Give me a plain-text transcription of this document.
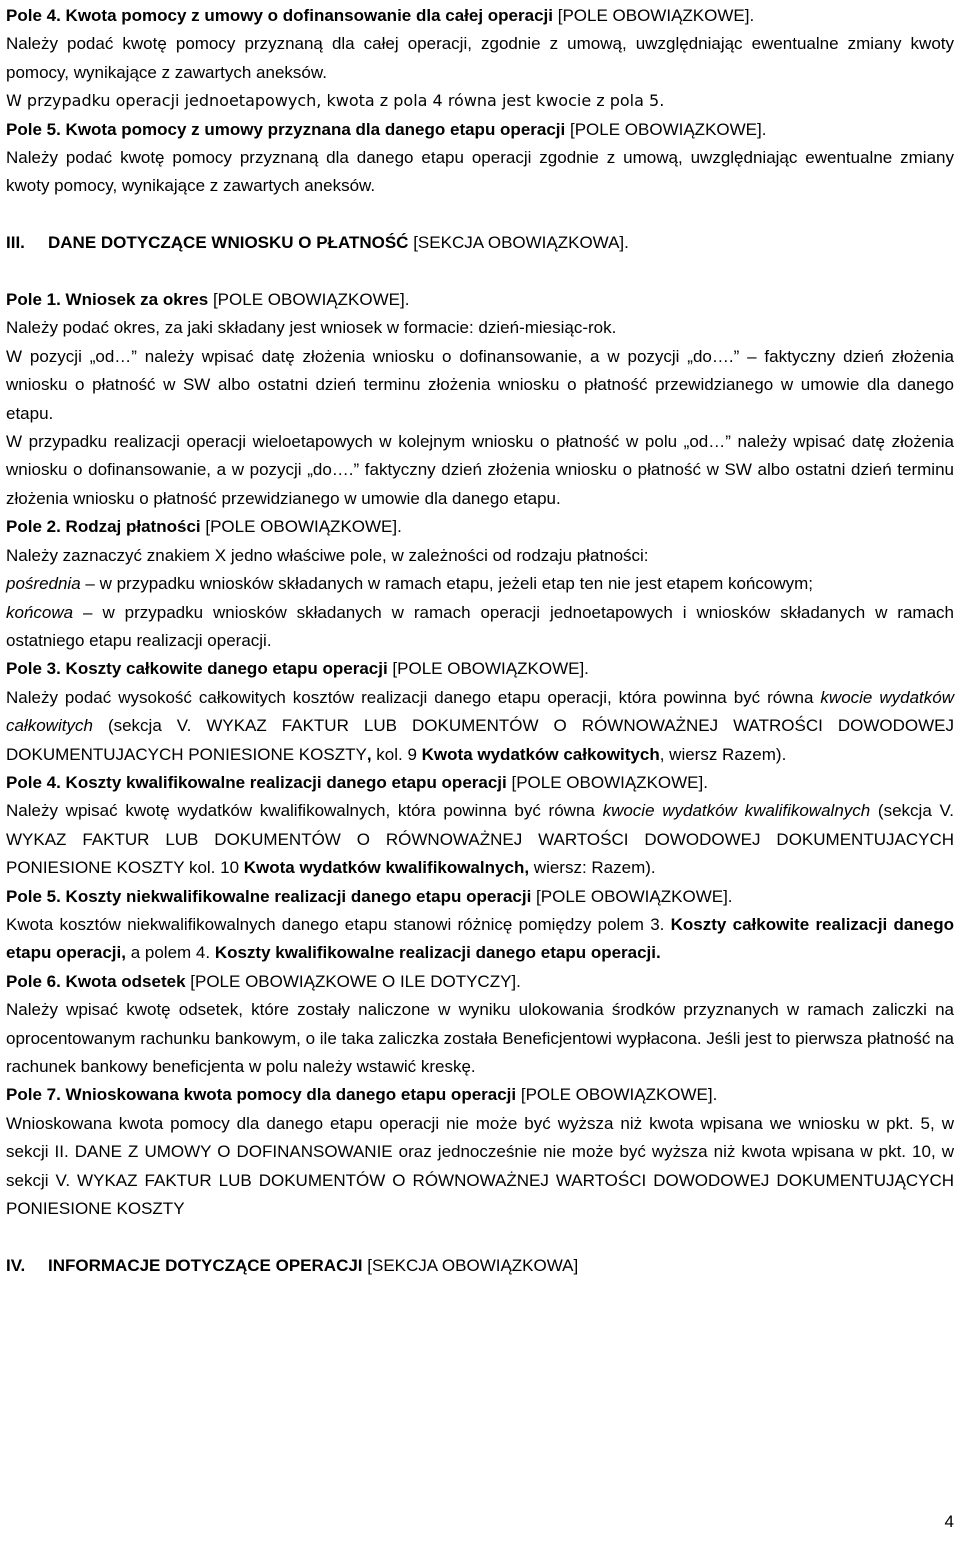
Pole 4. Kwota pomocy z umowy o dofinansowanie dla całej operacji [POLE OBOWIĄZKOWE].

Należy podać kwotę pomocy przyznaną dla całej operacji, zgodnie z umową, uwzględniając ewentualne zmiany kwoty pomocy, wynikające z zawartych aneksów.

W przypadku operacji jednoetapowych, kwota z pola 4 równa jest kwocie z pola 5.

Pole 5. Kwota pomocy z umowy przyznana dla danego etapu operacji [POLE OBOWIĄZKOWE].

Należy podać kwotę pomocy przyznaną dla danego etapu operacji zgodnie z umową, uwzględniając ewentualne zmiany kwoty pomocy, wynikające z zawartych aneksów.

III. DANE DOTYCZĄCE WNIOSKU O PŁATNOŚĆ [SEKCJA OBOWIĄZKOWA].

Pole 1. Wniosek za okres [POLE OBOWIĄZKOWE].

Należy podać okres, za jaki składany jest wniosek w formacie: dzień-miesiąc-rok.

W pozycji „od…” należy wpisać datę złożenia wniosku o dofinansowanie, a w pozycji „do….” – faktyczny dzień złożenia wniosku o płatność w SW albo ostatni dzień terminu złożenia wniosku o płatność przewidzianego w umowie dla danego etapu.

W przypadku realizacji operacji wieloetapowych w kolejnym wniosku o płatność w polu „od…” należy wpisać datę złożenia wniosku o dofinansowanie, a w pozycji „do….” faktyczny dzień złożenia wniosku o płatność w SW albo ostatni dzień terminu złożenia wniosku o płatność przewidzianego w umowie dla danego etapu.

Pole 2. Rodzaj płatności [POLE OBOWIĄZKOWE].

Należy zaznaczyć znakiem X jedno właściwe pole, w zależności od rodzaju płatności:

pośrednia – w przypadku wniosków składanych w ramach etapu, jeżeli etap ten nie jest etapem końcowym;

końcowa – w przypadku wniosków składanych w ramach operacji jednoetapowych i wniosków składanych w ramach ostatniego etapu realizacji operacji.

Pole 3. Koszty całkowite danego etapu operacji [POLE OBOWIĄZKOWE].

Należy podać wysokość całkowitych kosztów realizacji danego etapu operacji, która powinna być równa kwocie wydatków całkowitych (sekcja V. WYKAZ FAKTUR LUB DOKUMENTÓW O RÓWNOWAŻNEJ WATROŚCI DOWODOWEJ DOKUMENTUJACYCH PONIESIONE KOSZTY, kol. 9 Kwota wydatków całkowitych, wiersz Razem).

Pole 4. Koszty kwalifikowalne realizacji danego etapu operacji [POLE OBOWIĄZKOWE].

Należy wpisać kwotę wydatków kwalifikowalnych, która powinna być równa kwocie wydatków kwalifikowalnych (sekcja V. WYKAZ FAKTUR LUB DOKUMENTÓW O RÓWNOWAŻNEJ WARTOŚCI DOWODOWEJ DOKUMENTUJACYCH PONIESIONE KOSZTY kol. 10 Kwota wydatków kwalifikowalnych, wiersz: Razem).

Pole 5. Koszty niekwalifikowalne realizacji danego etapu operacji [POLE OBOWIĄZKOWE].

Kwota kosztów niekwalifikowalnych danego etapu stanowi różnicę pomiędzy polem 3. Koszty całkowite realizacji danego etapu operacji, a polem 4. Koszty kwalifikowalne realizacji danego etapu operacji.

Pole 6. Kwota odsetek [POLE OBOWIĄZKOWE O ILE DOTYCZY].

Należy wpisać kwotę odsetek, które zostały naliczone w wyniku ulokowania środków przyznanych w ramach zaliczki na oprocentowanym rachunku bankowym, o ile taka zaliczka została Beneficjentowi wypłacona. Jeśli jest to pierwsza płatność na rachunek bankowy beneficjenta w polu należy wstawić kreskę.

Pole 7. Wnioskowana kwota pomocy dla danego etapu operacji [POLE OBOWIĄZKOWE].

Wnioskowana kwota pomocy dla danego etapu operacji nie może być wyższa niż kwota wpisana we wniosku w pkt. 5, w sekcji II. DANE Z UMOWY O DOFINANSOWANIE oraz jednocześnie nie może być wyższa niż kwota wpisana w pkt. 10, w sekcji V. WYKAZ FAKTUR LUB DOKUMENTÓW O RÓWNOWAŻNEJ WARTOŚCI DOWODOWEJ DOKUMENTUJĄCYCH PONIESIONE KOSZTY

IV. INFORMACJE DOTYCZĄCE OPERACJI [SEKCJA OBOWIĄZKOWA]

4
